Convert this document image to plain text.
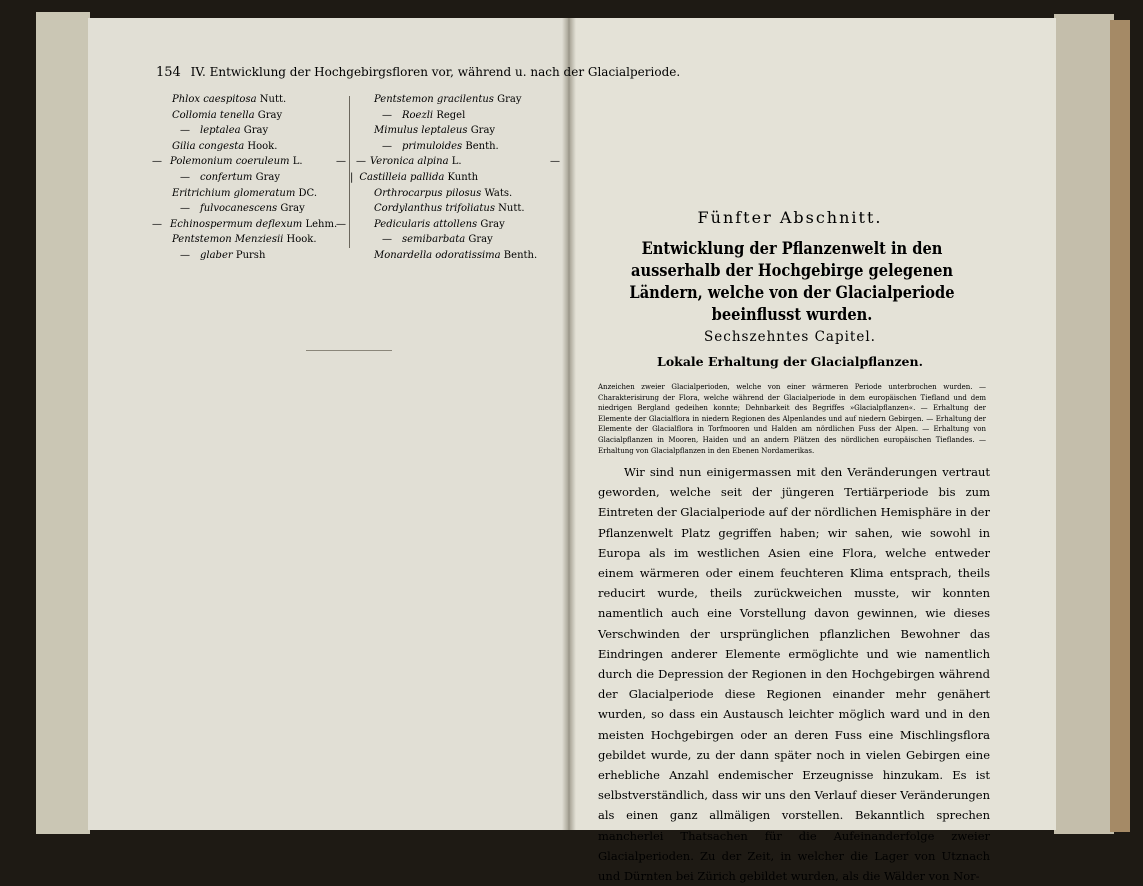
154 IV. Entwicklung der Hochgebirgsfloren vor, während u. nach der Glacialperiode.
Phlox caespitosa Nutt.
Collomia tenella Gray
— leptalea Gray
Gilia congesta Hook.
— Polemonium coeruleum L.	—
— confertum Gray
Eritrichium glomeratum DC.
— fulvocanescens Gray
— Echinospermum deflexum Lehm.
—
Pentstemon Menziesii Hook.
— glaber Pursh
Pentstemon gracilentus Gray
— Roezli Regel
Mimulus leptaleus Gray
— primuloides Benth.
— Veronica alpina L.	—
| Castilleia pallida Kunth
Orthrocarpus pilosus Wats.
Cordylanthus trifoliatus Nutt.
Pedicularis attollens Gray
— semibarbata Gray
Monardella odoratissima Benth.
Fünfter Abschnitt.
Entwicklung der Pflanzenwelt in den ausserhalb der Hochgebirge gelegenen Ländern, welche von der Glacialperiode beeinflusst wurden.
Sechszehntes Capitel.
Lokale Erhaltung der Glacialpflanzen.
Anzeichen zweier Glacialperioden, welche von einer wärmeren Periode unterbrochen wurden. — Charakterisirung der Flora, welche während der Glacialperiode in dem europäischen Tiefland und dem niedrigen Bergland gedeihen konnte; Dehnbarkeit des Begriffes »Glacialpflanzen«. — Erhaltung der Elemente der Glacialflora in niedern Regionen des Alpenlandes und auf niedern Gebirgen. — Erhaltung der Elemente der Glacialflora in Torfmooren und Halden am nördlichen Fuss der Alpen. — Erhaltung von Glacialpflanzen in Mooren, Haiden und an andern Plätzen des nördlichen europäischen Tieflandes. — Erhaltung von Glacialpflanzen in den Ebenen Nordamerikas.
Wir sind nun einigermassen mit den Veränderungen vertraut geworden, welche seit der jüngeren Tertiärperiode bis zum Eintreten der Glacialperiode auf der nördlichen Hemisphäre in der Pflanzenwelt Platz gegriffen haben; wir sahen, wie sowohl in Europa als im westlichen Asien eine Flora, welche entweder einem wärmeren oder einem feuchteren Klima entsprach, theils reducirt wurde, theils zurückweichen musste, wir konnten namentlich auch eine Vorstellung davon gewinnen, wie dieses Verschwinden der ursprünglichen pflanzlichen Bewohner das Eindringen anderer Elemente ermöglichte und wie namentlich durch die Depression der Regionen in den Hochgebirgen während der Glacialperiode diese Regionen einander mehr genähert wurden, so dass ein Austausch leichter möglich ward und in den meisten Hochgebirgen oder an deren Fuss eine Mischlingsflora gebildet wurde, zu der dann später noch in vielen Gebirgen eine erhebliche Anzahl endemischer Erzeugnisse hinzukam. Es ist selbstverständlich, dass wir uns den Verlauf dieser Veränderungen als einen ganz allmäligen vorstellen. Bekanntlich sprechen mancherlei Thatsachen für die Aufeinanderfolge zweier Glacialperioden. Zu der Zeit, in welcher die Lager von Utznach und Dürnten bei Zürich gebildet wurden, als die Wälder von Nor-
